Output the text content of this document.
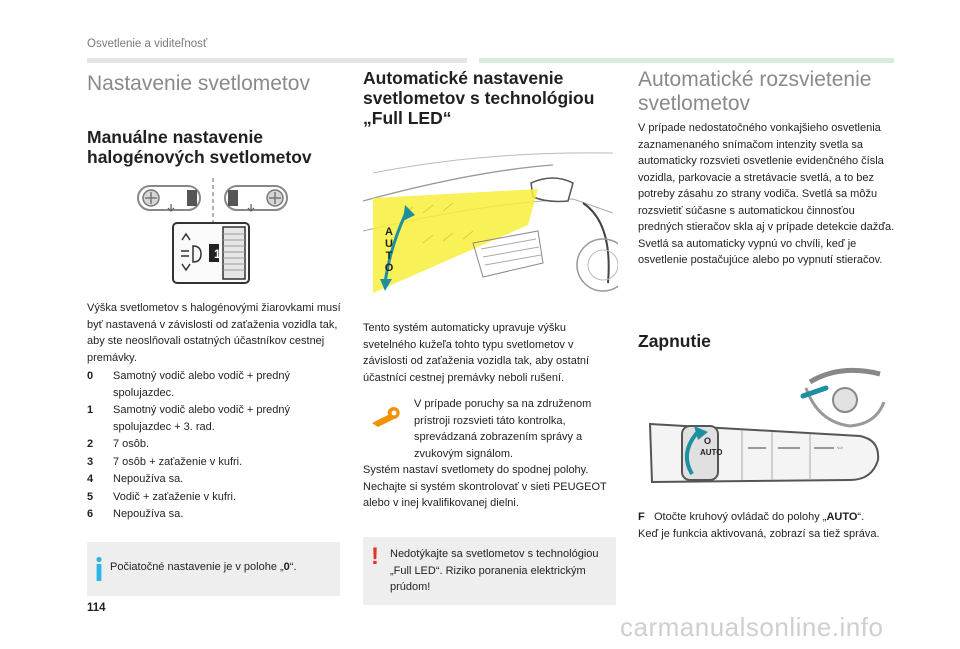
Osvetlenie a viditeľnosť
Nastavenie svetlometov
Manuálne nastavenie halogénových svetlometov
1
Výška svetlometov s halogénovými žiarovkami musí byť nastavená v závislosti od zaťaženia vozidla tak, aby ste neoslňovali ostatných účastníkov cestnej premávky.
0	Samotný vodič alebo vodič + predný spolujazdec.
1	Samotný vodič alebo vodič + predný spolujazdec + 3. rad.
2	7 osôb.
3	7 osôb + zaťaženie v kufri.
4	Nepoužíva sa.
5	Vodič + zaťaženie v kufri.
6	Nepoužíva sa.
Počiatočné nastavenie je v polohe „0“.
Automatické nastavenie
svetlometov s technológiou
„Full LED“
A
U
T
O
Tento systém automaticky upravuje výšku svetelného kužeľa tohto typu svetlometov v závislosti od zaťaženia vozidla tak, aby ostatní účastníci cestnej premávky neboli rušení.
V prípade poruchy sa na združenom prístroji rozsvieti táto kontrolka, sprevádzaná zobrazením správy a zvukovým signálom.
Systém nastaví svetlomety do spodnej polohy. Nechajte si systém skontrolovať v sieti PEUGEOT alebo v inej kvalifikovanej dielni.
! Nedotýkajte sa svetlometov s technológiou „Full LED“. Riziko poranenia elektrickým prúdom!
Automatické rozsvietenie svetlometov
V prípade nedostatočného vonkajšieho osvetlenia zaznamenaného snímačom intenzity svetla sa automaticky rozsvieti osvetlenie evidenčného čísla vozidla, parkovacie a stretávacie svetlá, a to bez potreby zásahu zo strany vodiča. Svetlá sa môžu rozsvietiť súčasne s automatickou činnosťou predných stieračov skla aj v prípade detekcie dažďa. Svetlá sa automaticky vypnú vo chvíli, keď je osvetlenie postačujúce alebo po vypnutí stieračov.
Zapnutie
⇔
O
AUTO
F Otočte kruhový ovládač do polohy „AUTO“.
Keď je funkcia aktivovaná, zobrazí sa tiež správa.
114
carmanualsonline.info
